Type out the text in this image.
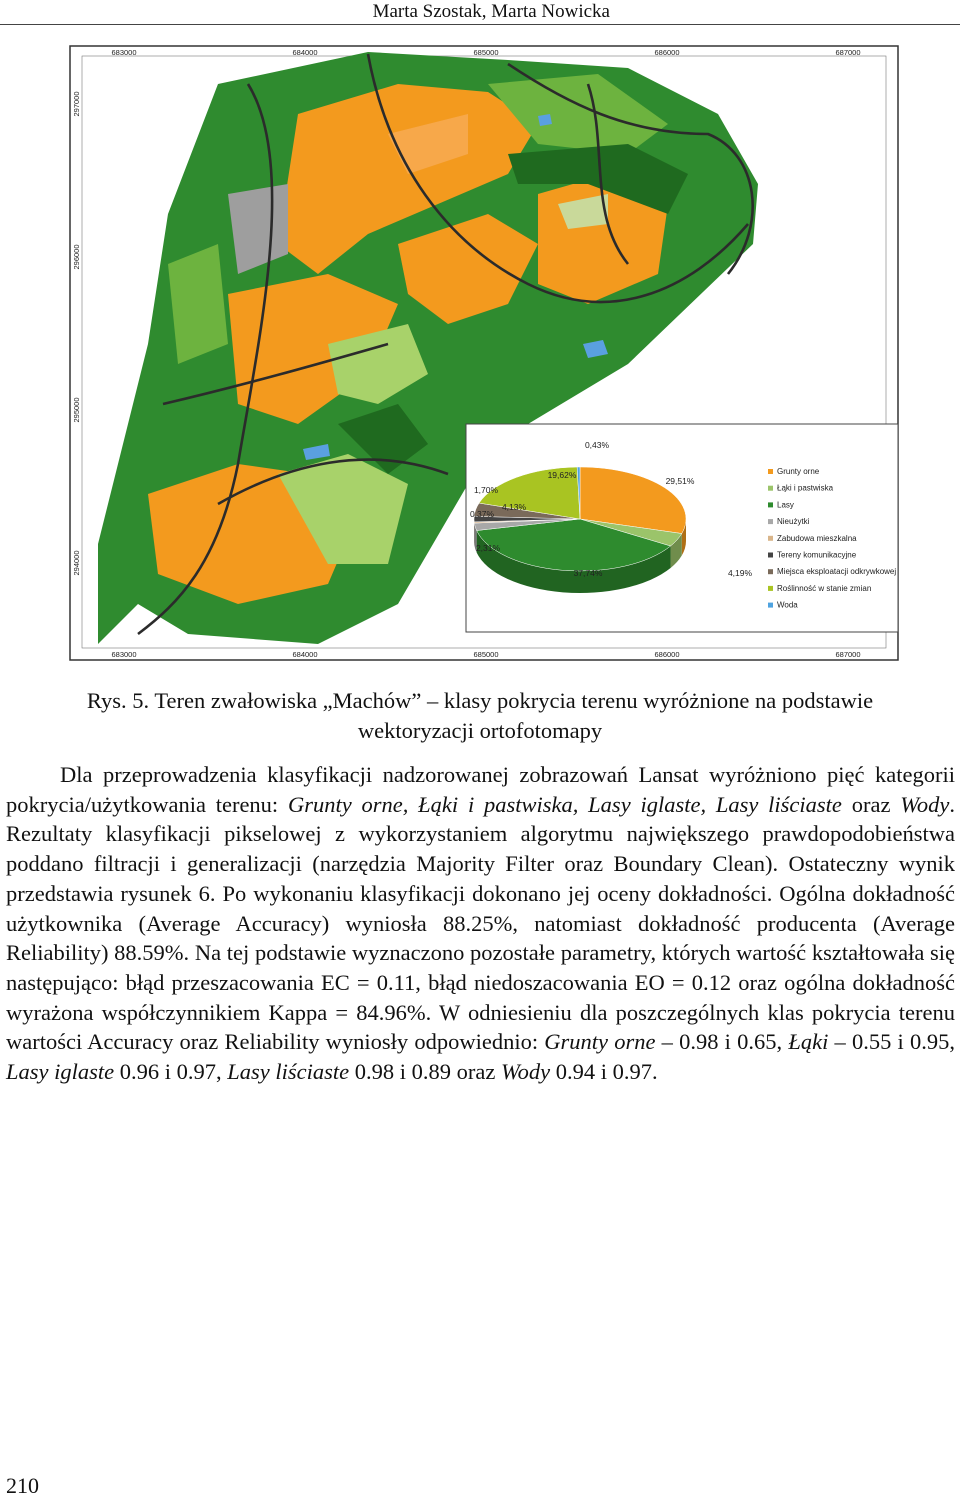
Marta Szostak, Marta Nowicka
683000	684000	685000	686000	687000
683000	684000	685000	686000	687000
297000
296000
295000
294000
29,51%
4,19%
37,74%
2,31%
0,37%
1,70%
4,13%
19,62%
0,43%
Grunty orne
Łąki i pastwiska
Lasy
Nieużytki
Zabudowa mieszkalna
Tereny komunikacyjne
Miejsca eksploatacji odkrywkowej
Roślinność w stanie zmian
Woda
Rys. 5. Teren zwałowiska „Machów” – klasy pokrycia terenu wyróżnione na podstawie
wektoryzacji ortofotomapy

Dla przeprowadzenia klasyfikacji nadzorowanej zobrazowań Lansat wyróżniono pięć kategorii pokrycia/użytkowania terenu: Grunty orne, Łąki i pastwiska, Lasy iglaste, Lasy liściaste oraz Wody. Rezultaty klasyfikacji pikselowej z wykorzystaniem algorytmu największego prawdopodobieństwa poddano filtracji i generalizacji (narzędzia Majority Filter oraz Boundary Clean). Ostateczny wynik przedstawia rysunek 6. Po wykonaniu klasyfikacji dokonano jej oceny dokładności. Ogólna dokładność użytkownika (Average Accuracy) wyniosła 88.25%, natomiast dokładność producenta (Average Reliability) 88.59%. Na tej podstawie wyznaczono pozostałe parametry, których wartość kształtowała się następująco: błąd przeszacowania EC = 0.11, błąd niedoszacowania EO = 0.12 oraz ogólna dokładność wyrażona współczynnikiem Kappa = 84.96%. W odniesieniu dla poszczególnych klas pokrycia terenu wartości Accuracy oraz Reliability wyniosły odpowiednio: Grunty orne – 0.98 i 0.65, Łąki – 0.55 i 0.95, Lasy iglaste 0.96 i 0.97, Lasy liściaste 0.98 i 0.89 oraz Wody 0.94 i 0.97.

210
